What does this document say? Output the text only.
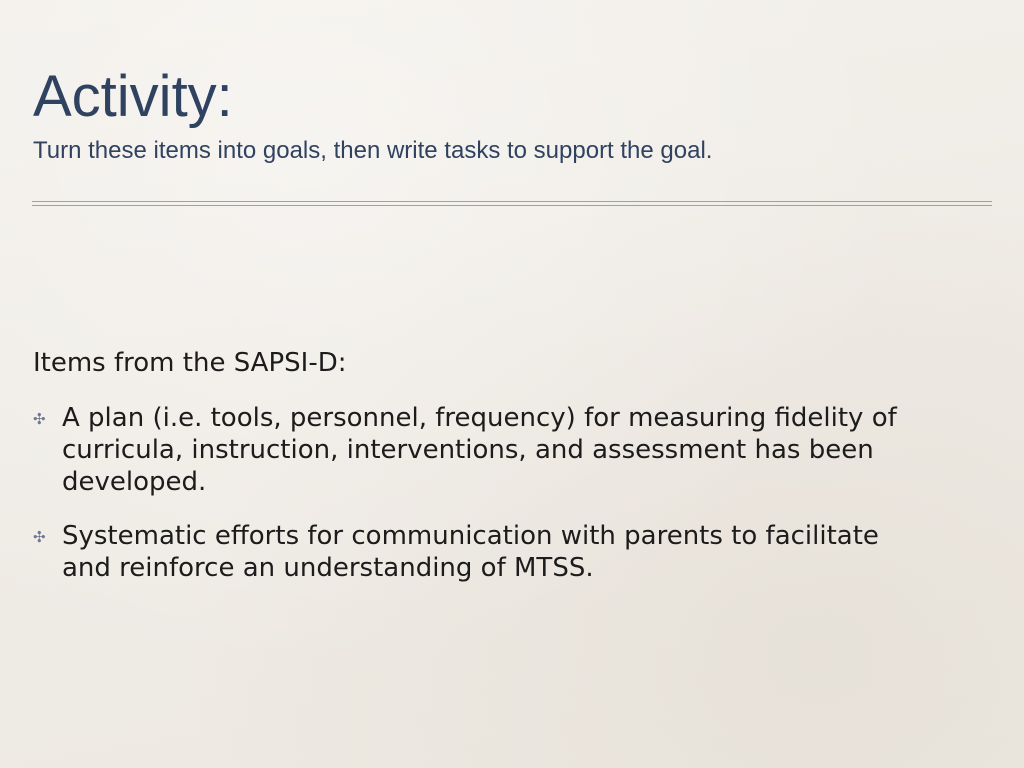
Activity:

Turn these items into goals, then write tasks to support the goal.

Items from the SAPSI-D:

✣ A plan (i.e. tools, personnel, frequency) for measuring fidelity of curricula, instruction, interventions, and assessment has been developed.
✣ Systematic efforts for communication with parents to facilitate and reinforce an understanding of MTSS.
